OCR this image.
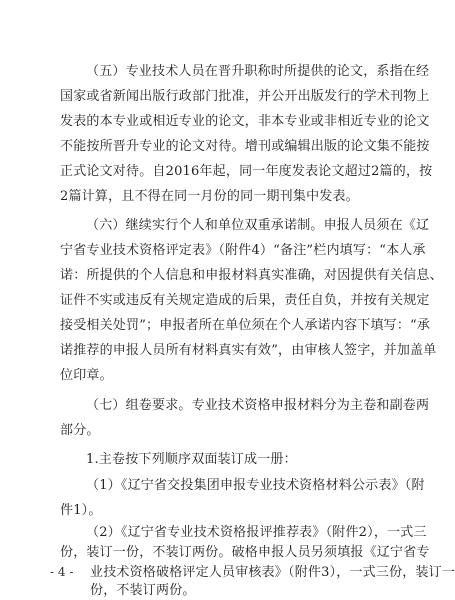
（五）专业技术人员在晋升职称时所提供的论文，系指在经
国家或省新闻出版行政部门批准，并公开出版发行的学术刊物上
发表的本专业或相近专业的论文，非本专业或非相近专业的论文
不能按所晋升专业的论文对待。增刊或编辑出版的论文集不能按
正式论文对待。自2016年起，同一年度发表论文超过2篇的，按
2篇计算，且不得在同一月份的同一期刊集中发表。
（六）继续实行个人和单位双重承诺制。申报人员须在《辽
宁省专业技术资格评定表》（附件4）“备注”栏内填写：“本人承
诺：所提供的个人信息和申报材料真实准确，对因提供有关信息、
证件不实或违反有关规定造成的后果，责任自负，并按有关规定
接受相关处罚”；申报者所在单位须在个人承诺内容下填写：“承
诺推荐的申报人员所有材料真实有效”，由审核人签字，并加盖单
位印章。
（七）组卷要求。专业技术资格申报材料分为主卷和副卷两
部分。
1.主卷按下列顺序双面装订成一册：
（1）《辽宁省交投集团申报专业技术资格材料公示表》（附
件1）。
（2）《辽宁省专业技术资格报评推荐表》（附件2），一式三
份，装订一份，不装订两份。破格申报人员另须填报《辽宁省专
业技术资格破格评定人员审核表》（附件3），一式三份，装订一
份，不装订两份。
- 4 -
